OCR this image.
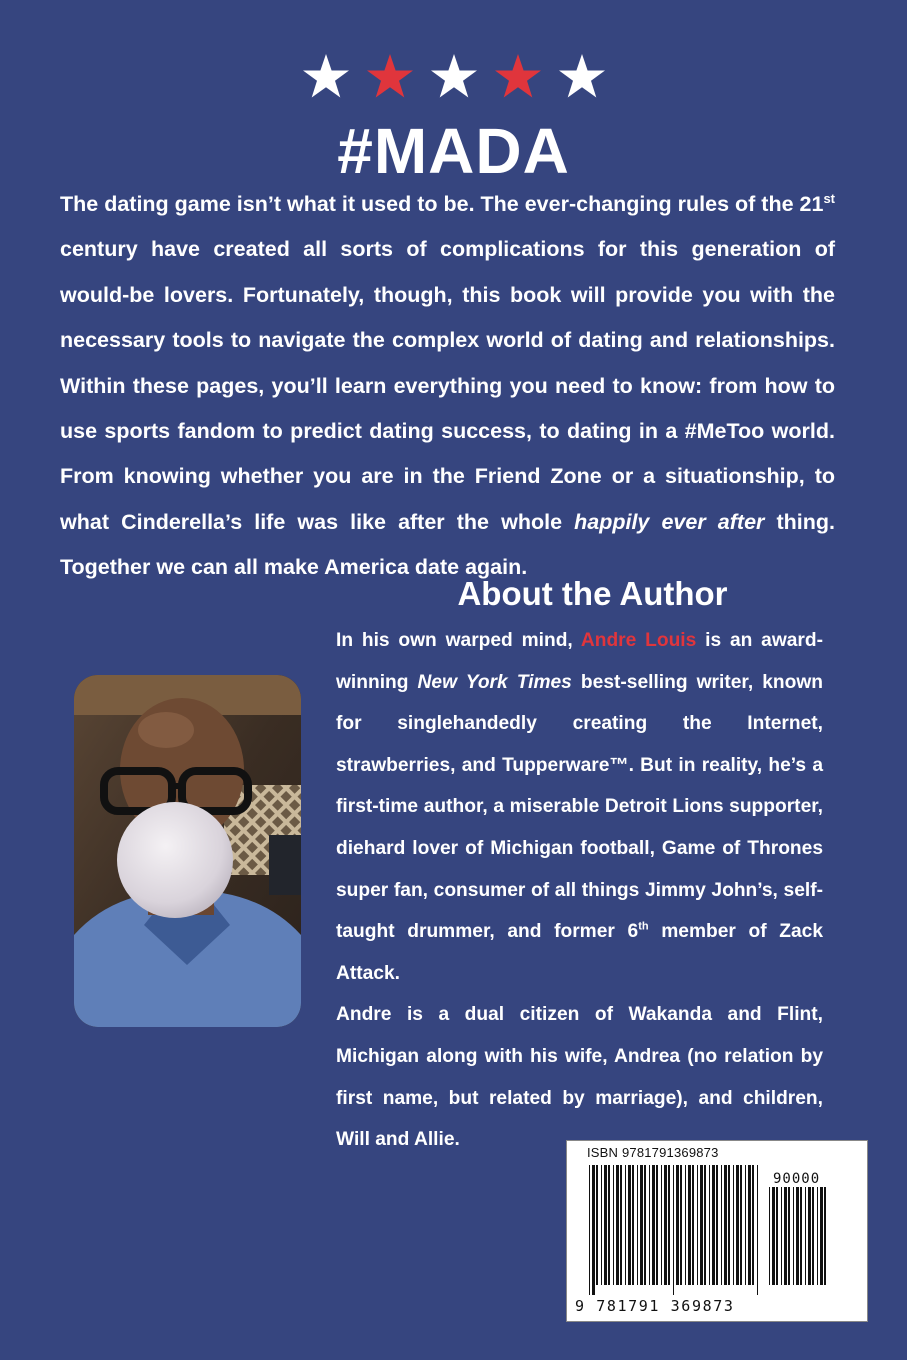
#MADA

The dating game isn’t what it used to be. The ever-changing rules of the 21st century have created all sorts of complications for this generation of would-be lovers. Fortunately, though, this book will provide you with the necessary tools to navigate the complex world of dating and relationships. Within these pages, you’ll learn everything you need to know: from how to use sports fandom to predict dating success, to dating in a #MeToo world. From knowing whether you are in the Friend Zone or a situationship, to what Cinderella’s life was like after the whole happily ever after thing. Together we can all make America date again.

About the Author

In his own warped mind, Andre Louis is an award-winning New York Times best-selling writer, known for singlehandedly creating the Internet, strawberries, and Tupperware™. But in reality, he’s a first-time author, a miserable Detroit Lions supporter, diehard lover of Michigan football, Game of Thrones super fan, consumer of all things Jimmy John’s, self-taught drummer, and former 6th member of Zack Attack.

Andre is a dual citizen of Wakanda and Flint, Michigan along with his wife, Andrea (no relation by first name, but related by marriage), and children, Will and Allie.

ISBN 9781791369873
90000
9 781791 369873
